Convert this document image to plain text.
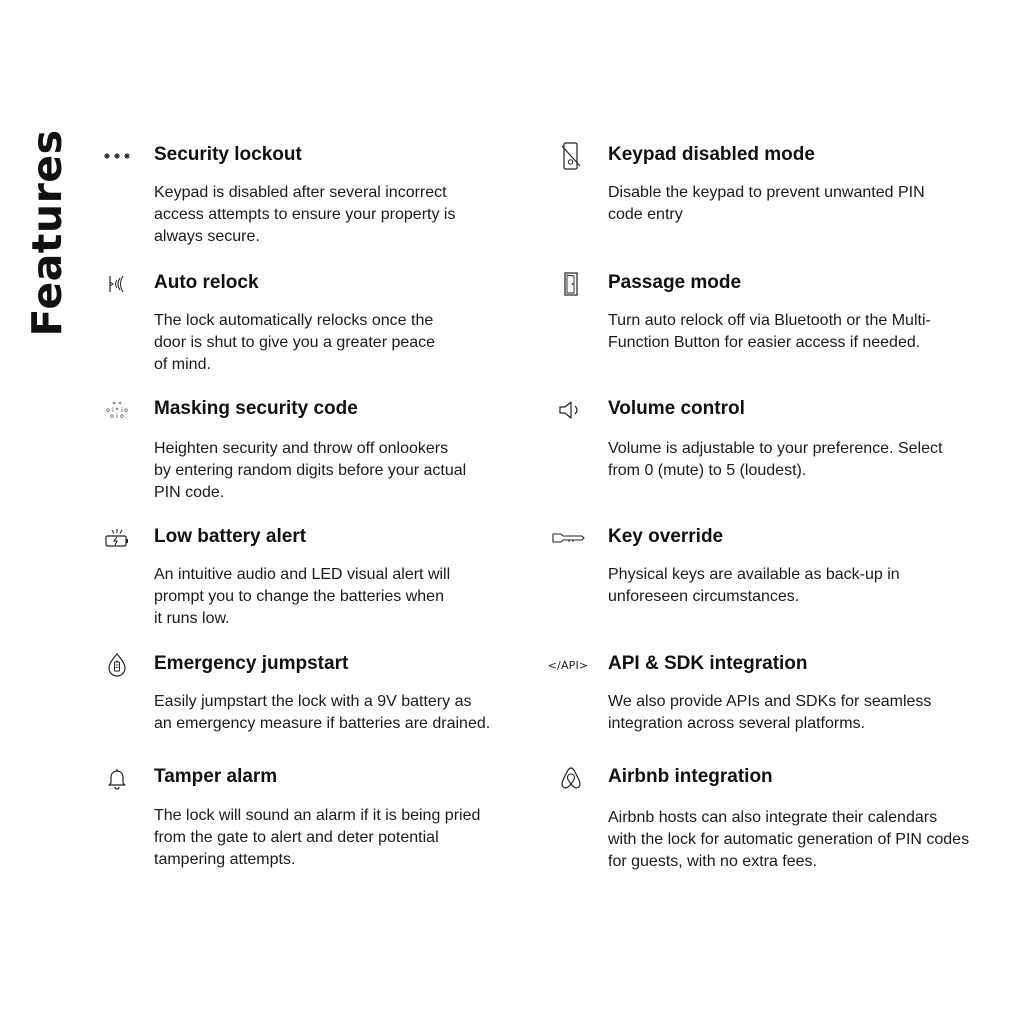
Features	Security lockout
Keypad is disabled after several incorrect
access attempts to ensure your property is
always secure.
Keypad disabled mode
Disable the keypad to prevent unwanted PIN
code entry
Auto relock
The lock automatically relocks once the
door is shut to give you a greater peace
of mind.
Passage mode
Turn auto relock off via Bluetooth or the Multi-
Function Button for easier access if needed.
* *
o i * i o
o i o Masking security code
Heighten security and throw off onlookers
by entering random digits before your actual
PIN code.
Volume control
Volume is adjustable to your preference. Select
from 0 (mute) to 5 (loudest).
Low battery alert
An intuitive audio and LED visual alert will
prompt you to change the batteries when
it runs low.
Key override
Physical keys are available as back-up in
unforeseen circumstances.
Emergency jumpstart
Easily jumpstart the lock with a 9V battery as
an emergency measure if batteries are drained.
</API> API & SDK integration
We also provide APIs and SDKs for seamless
integration across several platforms.
Tamper alarm
The lock will sound an alarm if it is being pried
from the gate to alert and deter potential
tampering attempts.
Airbnb integration
Airbnb hosts can also integrate their calendars
with the lock for automatic generation of PIN codes
for guests, with no extra fees.
